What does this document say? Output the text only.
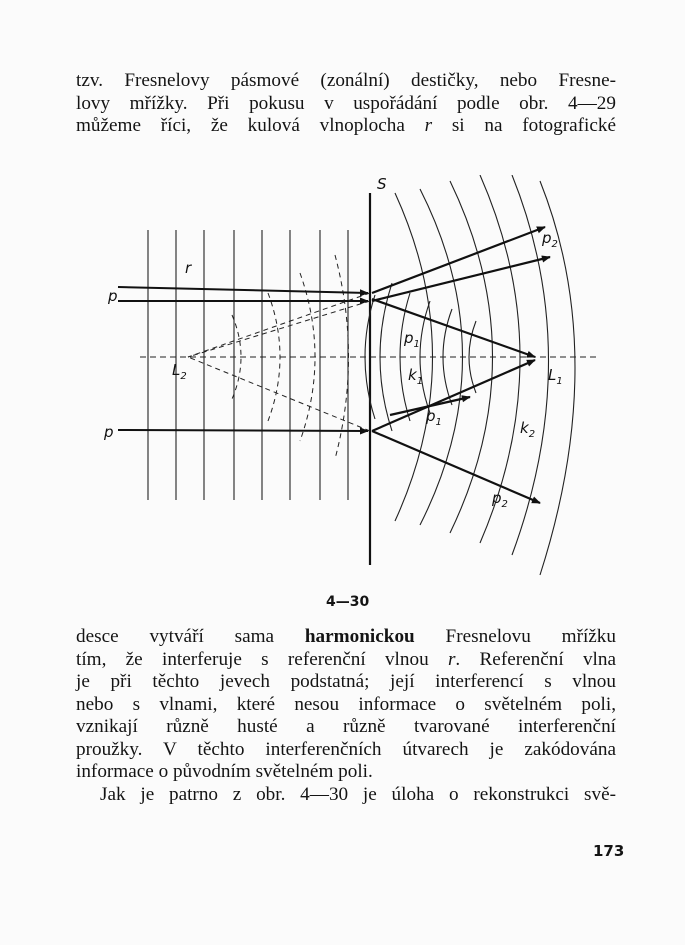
tzv. Fresnelovy pásmové (zonální) destičky, nebo Fresne-
lovy mřížky. Při pokusu v uspořádání podle obr. 4—29
můžeme říci, že kulová vlnoplocha r si na fotografické
S
r
p
p
$L_2$	$L_1$
$p_2$
$p_1$
$k_1$
$p_1$	$k_2$
$p_2$
4—30
desce vytváří sama harmonickou Fresnelovu mřížku
tím, že interferuje s referenční vlnou r. Referenční vlna
je při těchto jevech podstatná; její interferencí s vlnou
nebo s vlnami, které nesou informace o světelném poli,
vznikají různě husté a různě tvarované interferenční
proužky. V těchto interferenčních útvarech je zakódována
informace o původním světelném poli.
Jak je patrno z obr. 4—30 je úloha o rekonstrukci svě-
173
